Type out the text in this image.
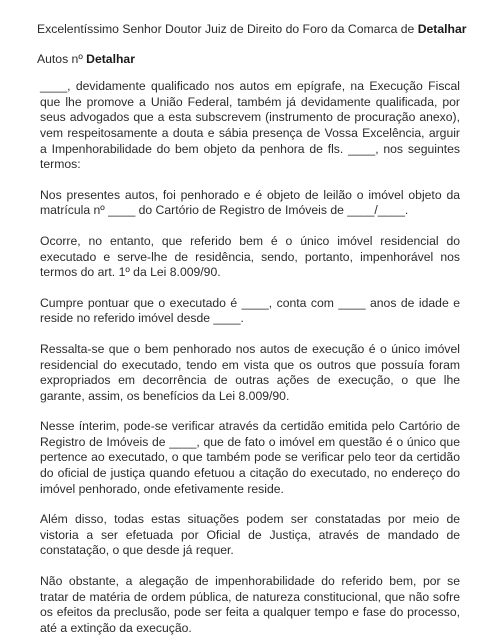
Excelentíssimo Senhor Doutor Juiz de Direito do Foro da Comarca de Detalhar
Autos nº Detalhar

____, devidamente qualificado nos autos em epígrafe, na Execução Fiscal que lhe promove a União Federal, também já devidamente qualificada, por seus advogados que a esta subscrevem (instrumento de procuração anexo), vem respeitosamente a douta e sábia presença de Vossa Excelência, arguir a Impenhorabilidade do bem objeto da penhora de fls. ____, nos seguintes termos:

Nos presentes autos, foi penhorado e é objeto de leilão o imóvel objeto da matrícula nº ____ do Cartório de Registro de Imóveis de ____/____.

Ocorre, no entanto, que referido bem é o único imóvel residencial do executado e serve-lhe de residência, sendo, portanto, impenhorável nos termos do art. 1º da Lei 8.009/90.

Cumpre pontuar que o executado é ____, conta com ____ anos de idade e reside no referido imóvel desde ____.

Ressalta-se que o bem penhorado nos autos de execução é o único imóvel residencial do executado, tendo em vista que os outros que possuía foram expropriados em decorrência de outras ações de execução, o que lhe garante, assim, os benefícios da Lei 8.009/90.

Nesse ínterim, pode-se verificar através da certidão emitida pelo Cartório de Registro de Imóveis de ____, que de fato o imóvel em questão é o único que pertence ao executado, o que também pode se verificar pelo teor da certidão do oficial de justiça quando efetuou a citação do executado, no endereço do imóvel penhorado, onde efetivamente reside.

Além disso, todas estas situações podem ser constatadas por meio de vistoria a ser efetuada por Oficial de Justiça, através de mandado de constatação, o que desde já requer.

Não obstante, a alegação de impenhorabilidade do referido bem, por se tratar de matéria de ordem pública, de natureza constitucional, que não sofre os efeitos da preclusão, pode ser feita a qualquer tempo e fase do processo, até a extinção da execução.
